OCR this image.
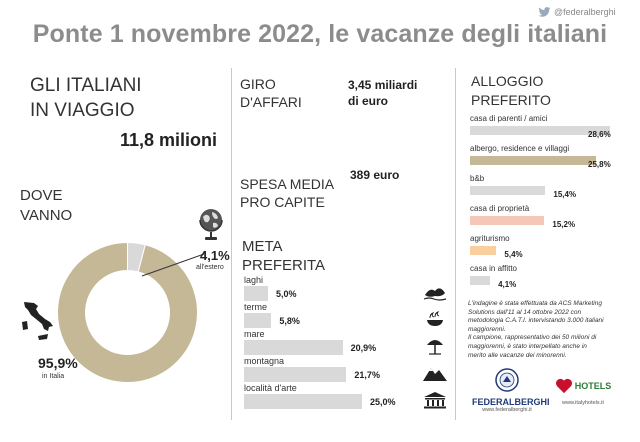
@federalberghi
Ponte 1 novembre 2022, le vacanze degli italiani
GLI ITALIANI
IN VIAGGIO
11,8 milioni
DOVE
VANNO
4,1%
all'estero
95,9%
in Italia
GIRO
D'AFFARI
3,45 miliardi
di euro
SPESA MEDIA
PRO CAPITE
389 euro
META
PREFERITA
laghi
5,0%
terme
5,8%
mare
20,9%
montagna
21,7%
località d'arte
25,0%
ALLOGGIO
PREFERITO
casa di parenti / amici
28,6%
albergo, residence e villaggi
25,8%
b&b
15,4%
casa di proprietà
15,2%
agriturismo
5,4%
casa in affitto
4,1%
L'indagine è stata effettuata da ACS Marketing
Solutions dall'11 al 14 ottobre 2022 con
metodologia C.A.T.I. intervistando 3.000 italiani
maggiorenni.
Il campione, rappresentativo dei 50 milioni di
maggiorenni, è stato interpellato anche in
merito alle vacanze dei minorenni.
FEDERALBERGHI
www.federalberghi.it
HOTELS
www.italyhotels.it
